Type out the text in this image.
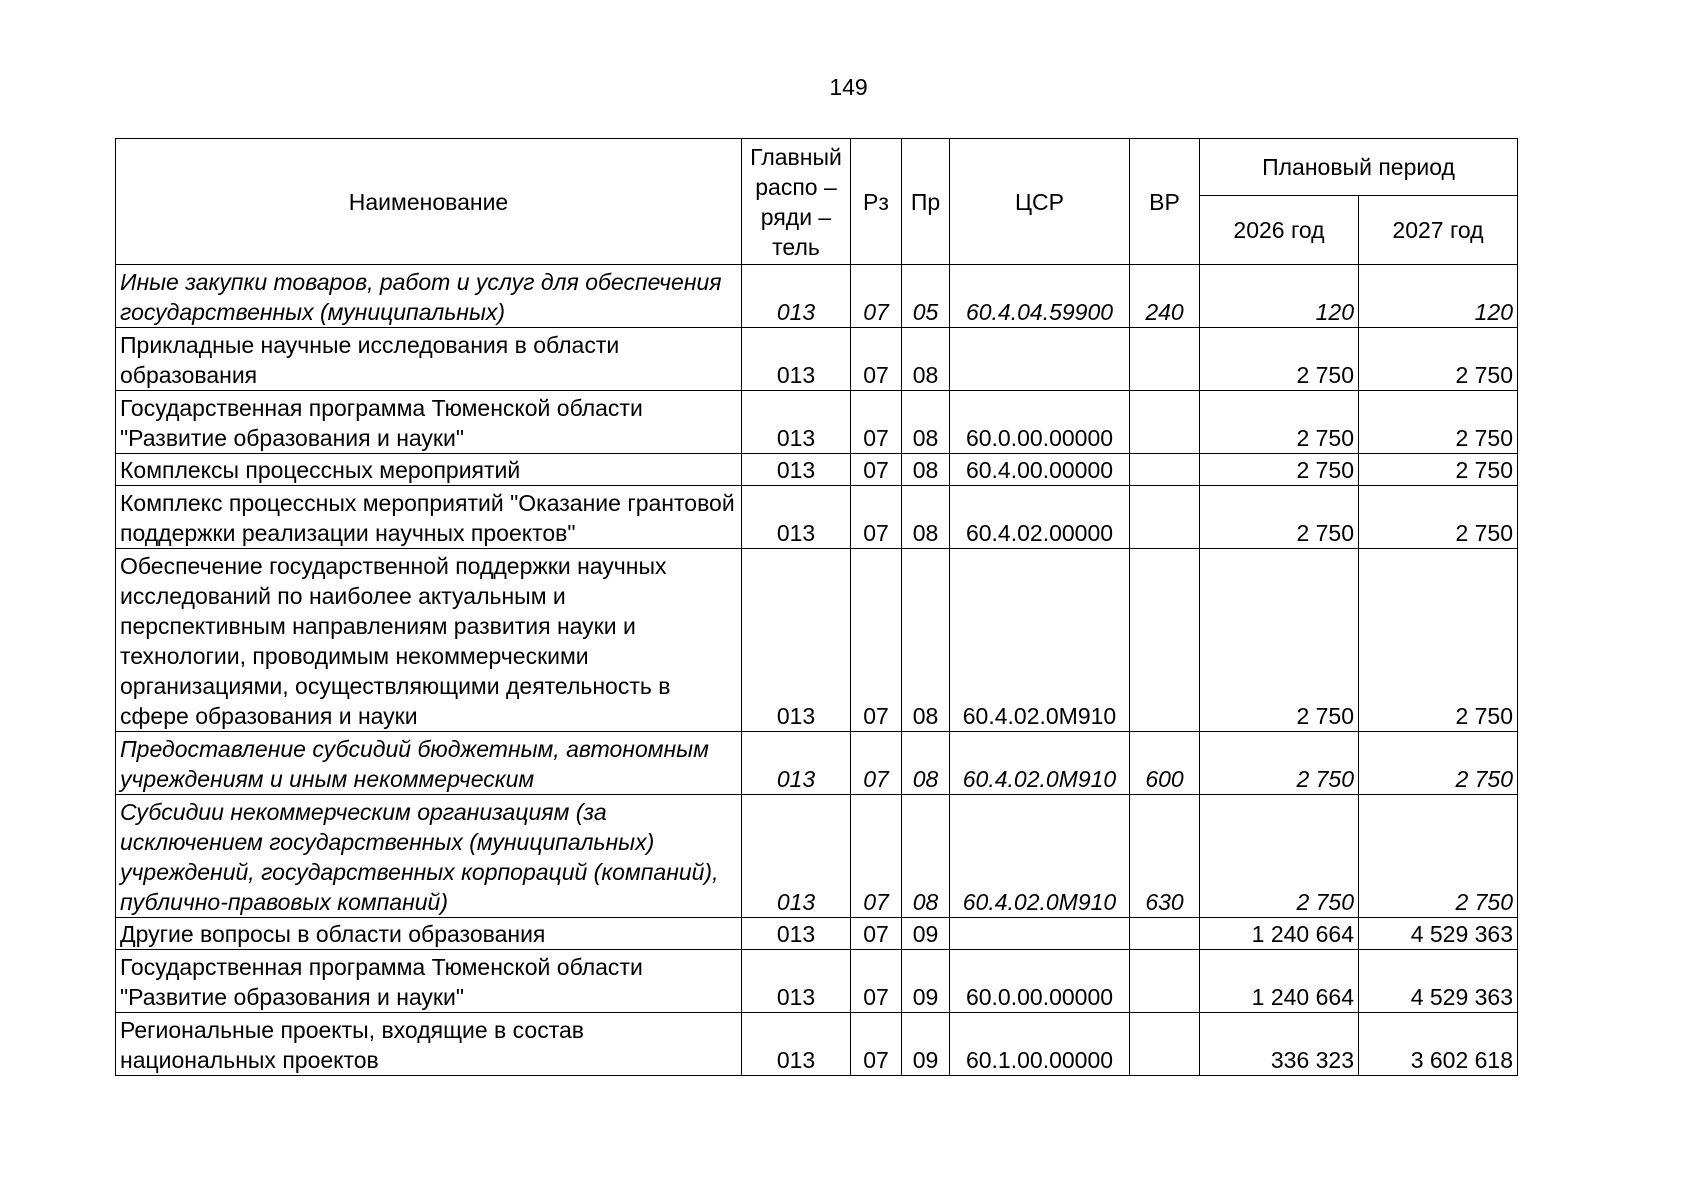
149
Наименование	Главный распо – ряди – тель	Рз	Пр	ЦСР	ВР	Плановый период	
						2026 год	2027 год
Иные закупки товаров, работ и услуг для обеспечения государственных (муниципальных)	013	07	05	60.4.04.59900	240	120	120
Прикладные научные исследования в области образования	013	07	08			2 750	2 750
Государственная программа Тюменской области "Развитие образования и науки"	013	07	08	60.0.00.00000		2 750	2 750
Комплексы процессных мероприятий	013	07	08	60.4.00.00000		2 750	2 750
Комплекс процессных мероприятий "Оказание грантовой поддержки реализации научных проектов"	013	07	08	60.4.02.00000		2 750	2 750
Обеспечение государственной поддержки научных исследований по наиболее актуальным и перспективным направлениям развития науки и технологии, проводимым некоммерческими организациями, осуществляющими деятельность в сфере образования и науки	013	07	08	60.4.02.0М910		2 750	2 750
Предоставление субсидий бюджетным, автономным учреждениям и иным некоммерческим	013	07	08	60.4.02.0М910	600	2 750	2 750
Субсидии некоммерческим организациям (за исключением государственных (муниципальных) учреждений, государственных корпораций (компаний), публично-правовых компаний)	013	07	08	60.4.02.0М910	630	2 750	2 750
Другие вопросы в области образования	013	07	09			1 240 664	4 529 363
Государственная программа Тюменской области "Развитие образования и науки"	013	07	09	60.0.00.00000		1 240 664	4 529 363
Региональные проекты, входящие в состав национальных проектов	013	07	09	60.1.00.00000		336 323	3 602 618
